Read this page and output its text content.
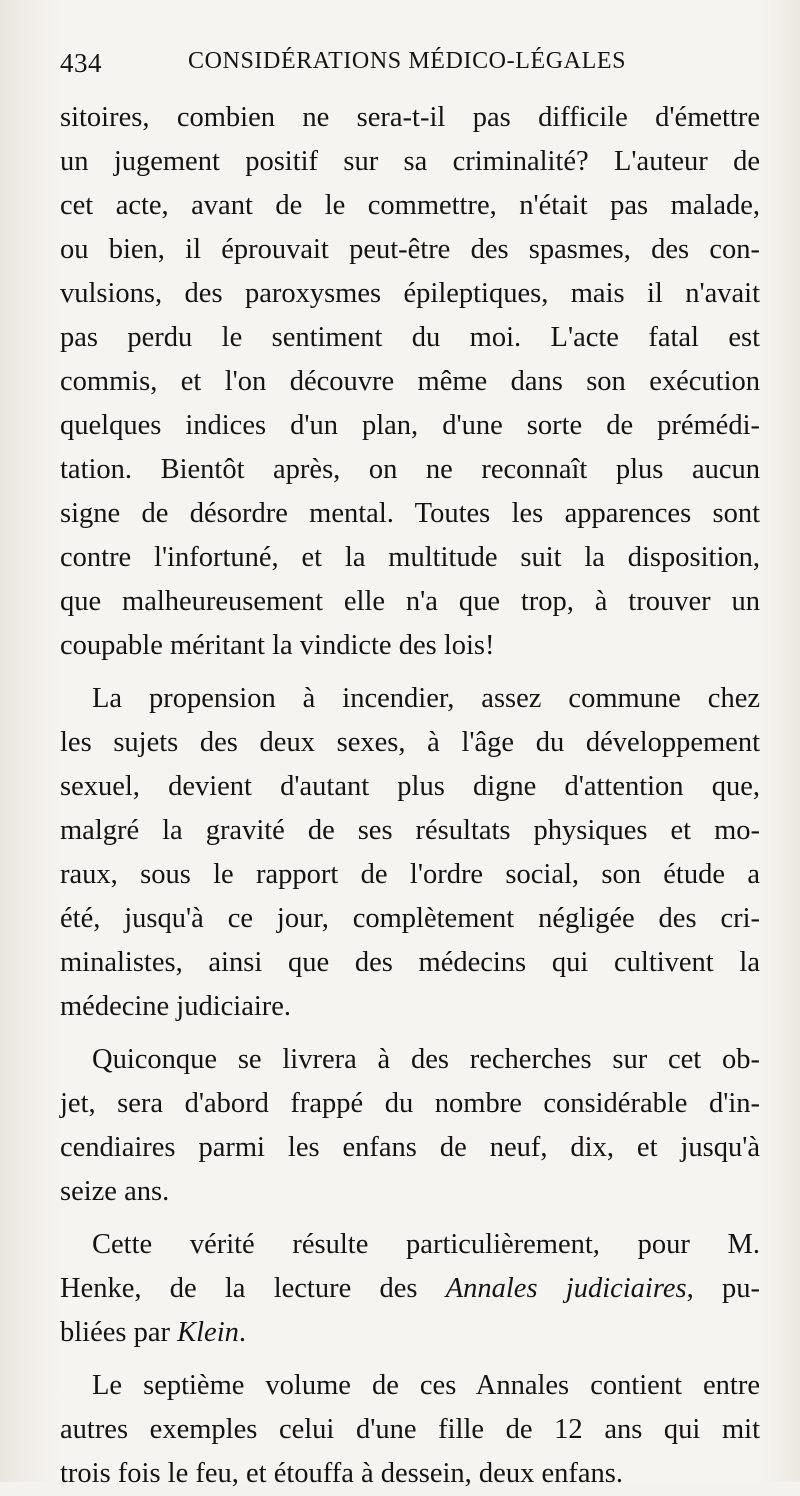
434	CONSIDÉRATIONS MÉDICO-LÉGALES
sitoires, combien ne sera-t-il pas difficile d'émettre
un jugement positif sur sa criminalité? L'auteur de
cet acte, avant de le commettre, n'était pas malade,
ou bien, il éprouvait peut-être des spasmes, des con-
vulsions, des paroxysmes épileptiques, mais il n'avait
pas perdu le sentiment du moi. L'acte fatal est
commis, et l'on découvre même dans son exécution
quelques indices d'un plan, d'une sorte de prémédi-
tation. Bientôt après, on ne reconnaît plus aucun
signe de désordre mental. Toutes les apparences sont
contre l'infortuné, et la multitude suit la disposition,
que malheureusement elle n'a que trop, à trouver un
coupable méritant la vindicte des lois!
La propension à incendier, assez commune chez
les sujets des deux sexes, à l'âge du développement
sexuel, devient d'autant plus digne d'attention que,
malgré la gravité de ses résultats physiques et mo-
raux, sous le rapport de l'ordre social, son étude a
été, jusqu'à ce jour, complètement négligée des cri-
minalistes, ainsi que des médecins qui cultivent la
médecine judiciaire.
Quiconque se livrera à des recherches sur cet ob-
jet, sera d'abord frappé du nombre considérable d'in-
cendiaires parmi les enfans de neuf, dix, et jusqu'à
seize ans.
Cette vérité résulte particulièrement, pour M.
Henke, de la lecture des Annales judiciaires, pu-
bliées par Klein.
Le septième volume de ces Annales contient entre
autres exemples celui d'une fille de 12 ans qui mit
trois fois le feu, et étouffa à dessein, deux enfans.
